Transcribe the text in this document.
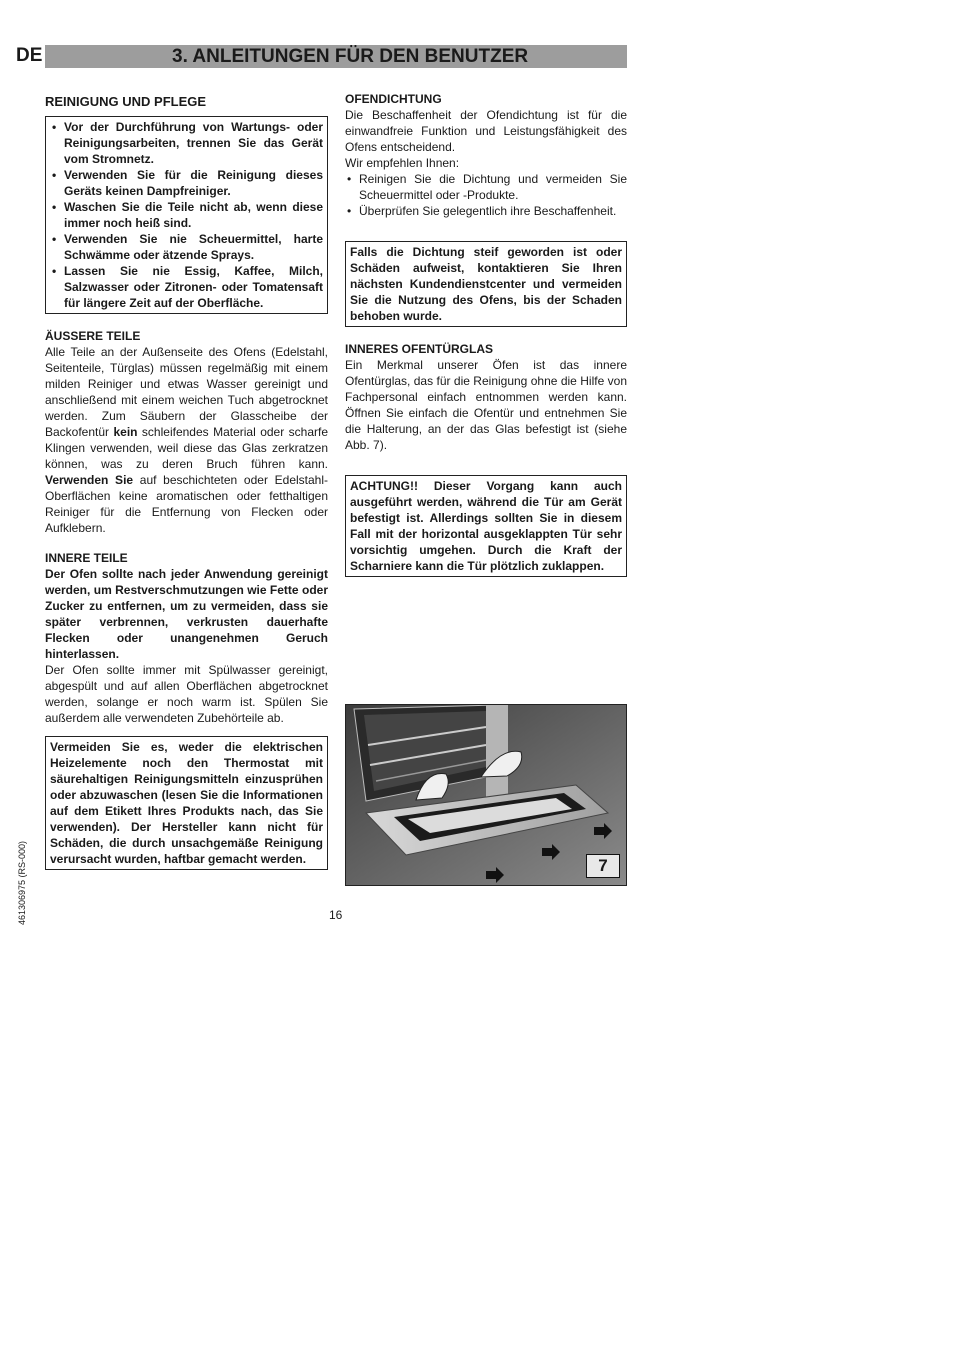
DE	3. ANLEITUNGEN FÜR DEN BENUTZER
REINIGUNG UND PFLEGE
• Vor der Durchführung von Wartungs- oder Reinigungsarbeiten, trennen Sie das Gerät vom Stromnetz.
• Verwenden Sie für die Reinigung dieses Geräts keinen Dampfreiniger.
• Waschen Sie die Teile nicht ab, wenn diese immer noch heiß sind.
• Verwenden Sie nie Scheuermittel, harte Schwämme oder ätzende Sprays.
• Lassen Sie nie Essig, Kaffee, Milch, Salzwasser oder Zitronen- oder Tomatensaft für längere Zeit auf der Oberfläche.
ÄUSSERE TEILE

Alle Teile an der Außenseite des Ofens (Edelstahl, Seitenteile, Türglas) müssen regelmäßig mit einem milden Reiniger und etwas Wasser gereinigt und anschließend mit einem weichen Tuch abgetrocknet werden. Zum Säubern der Glasscheibe der Backofentür kein schleifendes Material oder scharfe Klingen verwenden, weil diese das Glas zerkratzen können, was zu deren Bruch führen kann. Verwenden Sie auf beschichteten oder Edelstahl-Oberflächen keine aromatischen oder fetthaltigen Reiniger für die Entfernung von Flecken oder Aufklebern.

INNERE TEILE

Der Ofen sollte nach jeder Anwendung gereinigt werden, um Restverschmutzungen wie Fette oder Zucker zu entfernen, um zu vermeiden, dass sie später verbrennen, verkrusten dauerhafte Flecken oder unangenehmen Geruch hinterlassen.

Der Ofen sollte immer mit Spülwasser gereinigt, abgespült und auf allen Oberflächen abgetrocknet werden, solange er noch warm ist. Spülen Sie außerdem alle verwendeten Zubehörteile ab.

Vermeiden Sie es, weder die elektrischen Heizelemente noch den Thermostat mit säurehaltigen Reinigungsmitteln einzusprühen oder abzuwaschen (lesen Sie die Informationen auf dem Etikett Ihres Produkts nach, das Sie verwenden). Der Hersteller kann nicht für Schäden, die durch unsachgemäße Reinigung verursacht wurden, haftbar gemacht werden.
OFENDICHTUNG

Die Beschaffenheit der Ofendichtung ist für die einwandfreie Funktion und Leistungsfähigkeit des Ofens entscheidend.

Wir empfehlen Ihnen:

• Reinigen Sie die Dichtung und vermeiden Sie Scheuermittel oder -Produkte.
• Überprüfen Sie gelegentlich ihre Beschaffenheit.
Falls die Dichtung steif geworden ist oder Schäden aufweist, kontaktieren Sie Ihren nächsten Kundendienstcenter und vermeiden Sie die Nutzung des Ofens, bis der Schaden behoben wurde.
INNERES OFENTÜRGLAS

Ein Merkmal unserer Öfen ist das innere Ofentürglas, das für die Reinigung ohne die Hilfe von Fachpersonal einfach entnommen werden kann. Öffnen Sie einfach die Ofentür und entnehmen Sie die Halterung, an der das Glas befestigt ist (siehe Abb. 7).

ACHTUNG!! Dieser Vorgang kann auch ausgeführt werden, während die Tür am Gerät befestigt ist. Allerdings sollten Sie in diesem Fall mit der horizontal ausgeklappten Tür sehr vorsichtig umgehen. Durch die Kraft der Scharniere kann die Tür plötzlich zuklappen.
7
461306975 (RS-000)	16
